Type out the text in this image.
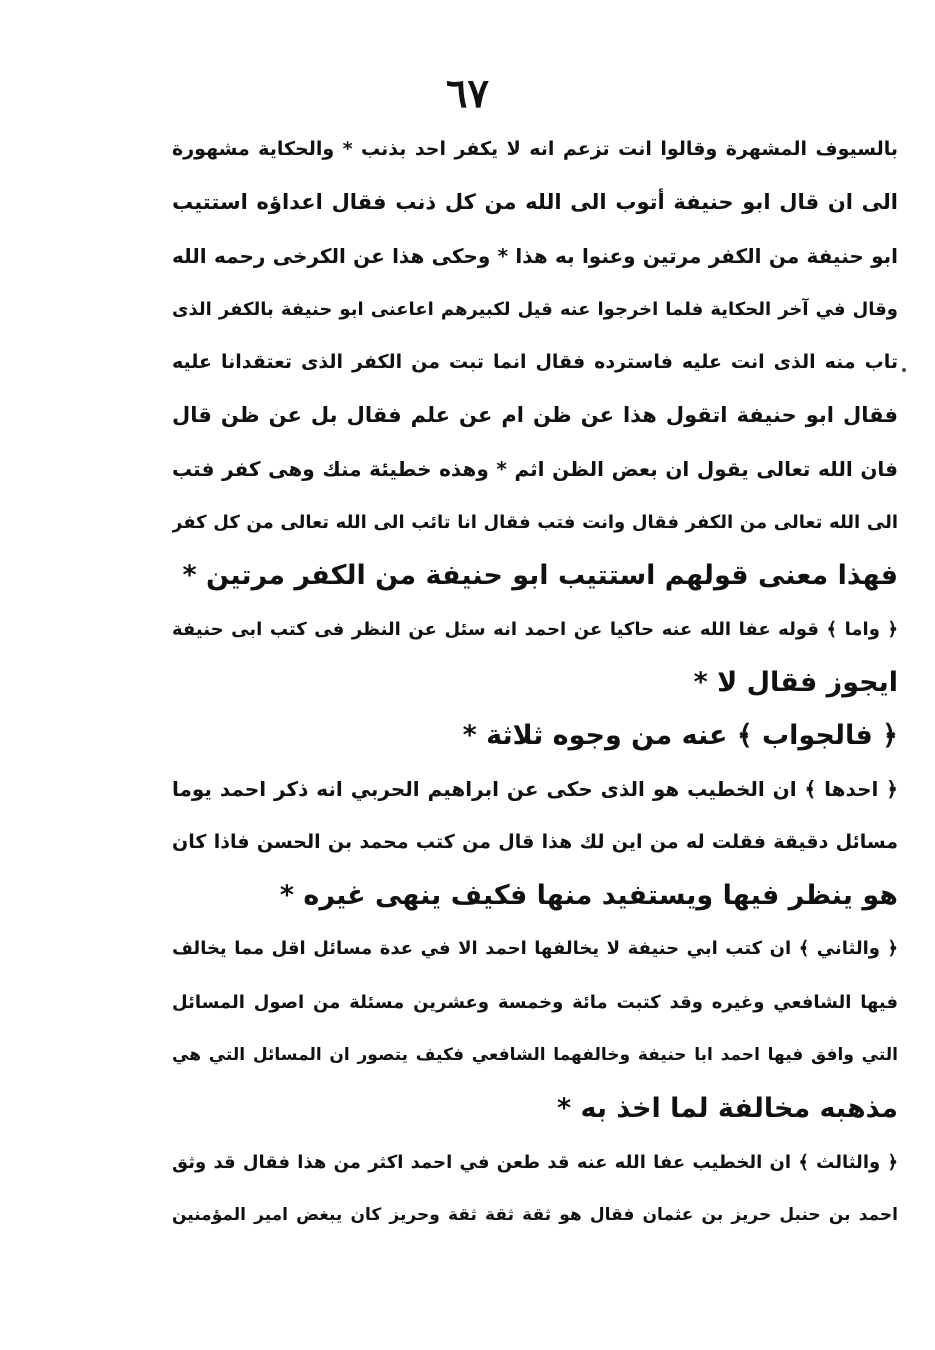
٦٧
بالسيوف المشهرة وقالوا انت تزعم انه لا يكفر احد بذنب * والحكاية مشهورة
الى ان قال ابو حنيفة أتوب الى الله من كل ذنب فقال اعداؤه استتيب
ابو حنيفة من الكفر مرتين وعنوا به هذا * وحكى هذا عن الكرخى رحمه الله
وقال في آخر الحكاية فلما اخرجوا عنه قيل لكبيرهم اعاعنى ابو حنيفة بالكفر الذى
تاب منه الذى انت عليه فاسترده فقال انما تبت من الكفر الذى تعتقدانا عليه
فقال ابو حنيفة اتقول هذا عن ظن ام عن علم فقال بل عن ظن قال
فان الله تعالى يقول ان بعض الظن اثم * وهذه خطيئة منك وهى كفر فتب
الى الله تعالى من الكفر فقال وانت فتب فقال انا تائب الى الله تعالى من كل كفر
فهذا معنى قولهم استتيب ابو حنيفة من الكفر مرتين *
﴿ واما ﴾ قوله عفا الله عنه حاكيا عن احمد انه سئل عن النظر فى كتب ابى حنيفة
ايجوز فقال لا *
﴿ فالجواب ﴾ عنه من وجوه ثلاثة *
﴿ احدها ﴾ ان الخطيب هو الذى حكى عن ابراهيم الحربي انه ذكر احمد يوما
مسائل دقيقة فقلت له من اين لك هذا قال من كتب محمد بن الحسن فاذا كان
هو ينظر فيها ويستفيد منها فكيف ينهى غيره *
﴿ والثاني ﴾ ان كتب ابي حنيفة لا يخالفها احمد الا في عدة مسائل اقل مما يخالف
فيها الشافعي وغيره وقد كتبت مائة وخمسة وعشرين مسئلة من اصول المسائل
التي وافق فيها احمد ابا حنيفة وخالفهما الشافعي فكيف يتصور ان المسائل التي هي
مذهبه مخالفة لما اخذ به *
﴿ والثالث ﴾ ان الخطيب عفا الله عنه قد طعن في احمد اكثر من هذا فقال قد وثق
احمد بن حنبل حريز بن عثمان فقال هو ثقة ثقة ثقة وحريز كان يبغض امير المؤمنين
